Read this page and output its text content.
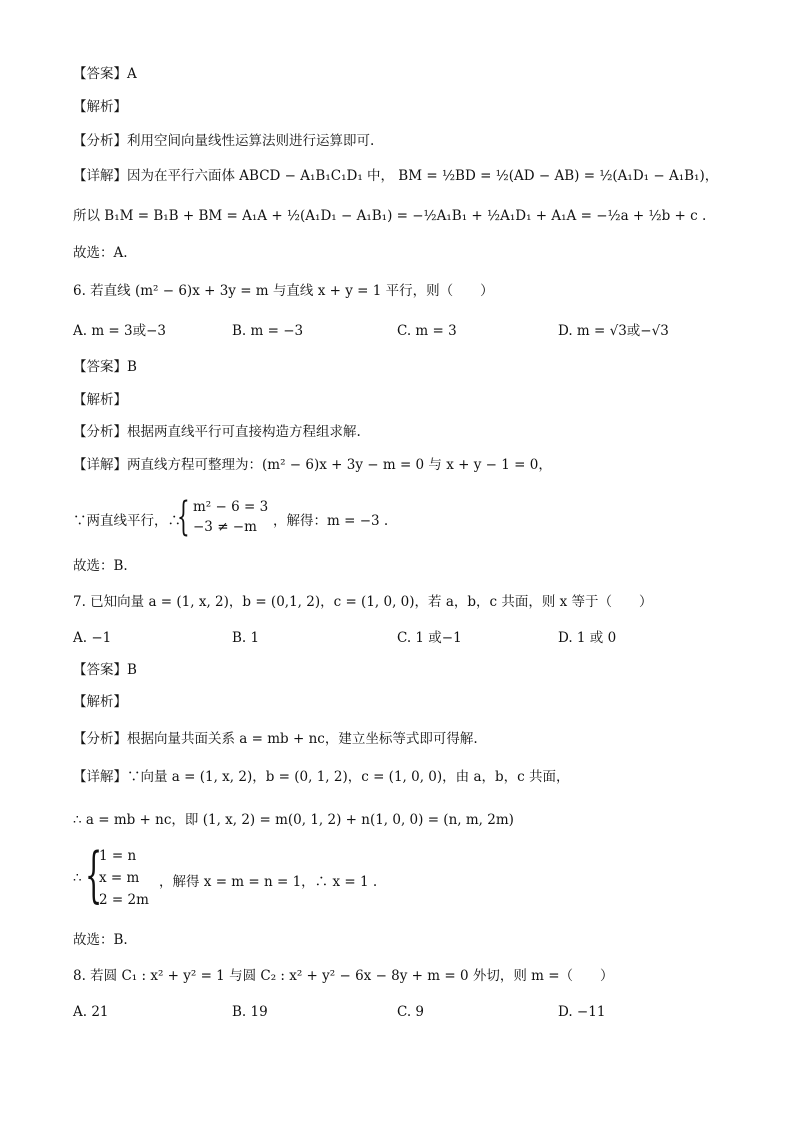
【答案】A
【解析】
【分析】利用空间向量线性运算法则进行运算即可.
【详解】因为在平行六面体 ABCD − A₁B₁C₁D₁ 中， BM = ½BD = ½(AD − AB) = ½(A₁D₁ − A₁B₁)，
所以 B₁M = B₁B + BM = A₁A + ½(A₁D₁ − A₁B₁) = −½A₁B₁ + ½A₁D₁ + A₁A = −½a + ½b + c .
故选：A.
6. 若直线 (m² − 6)x + 3y = m 与直线 x + y = 1 平行，则（　　）
A. m = 3或−3	B. m = −3	C. m = 3	D. m = √3或−√3
【答案】B
【解析】
【分析】根据两直线平行可直接构造方程组求解.
【详解】两直线方程可整理为：(m² − 6)x + 3y − m = 0 与 x + y − 1 = 0，
∵两直线平行，∴
{ m² − 6 = 3
−3 ≠ −m ，解得：m = −3 .
故选：B.
7. 已知向量 a = (1, x, 2)，b = (0,1, 2)，c = (1, 0, 0)，若 a，b，c 共面，则 x 等于（　　）
A. −1	B. 1	C. 1 或−1	D. 1 或 0
【答案】B
【解析】
【分析】根据向量共面关系 a = mb + nc，建立坐标等式即可得解.
【详解】∵向量 a = (1, x, 2)，b = (0, 1, 2)，c = (1, 0, 0)，由 a，b，c 共面，
∴ a = mb + nc，即 (1, x, 2) = m(0, 1, 2) + n(1, 0, 0) = (n, m, 2m)
∴ {
1 = n
x = m
2 = 2m
，解得 x = m = n = 1，∴ x = 1 .
故选：B.
8. 若圆 C₁ : x² + y² = 1 与圆 C₂ : x² + y² − 6x − 8y + m = 0 外切，则 m =（　　）
A. 21	B. 19	C. 9	D. −11
